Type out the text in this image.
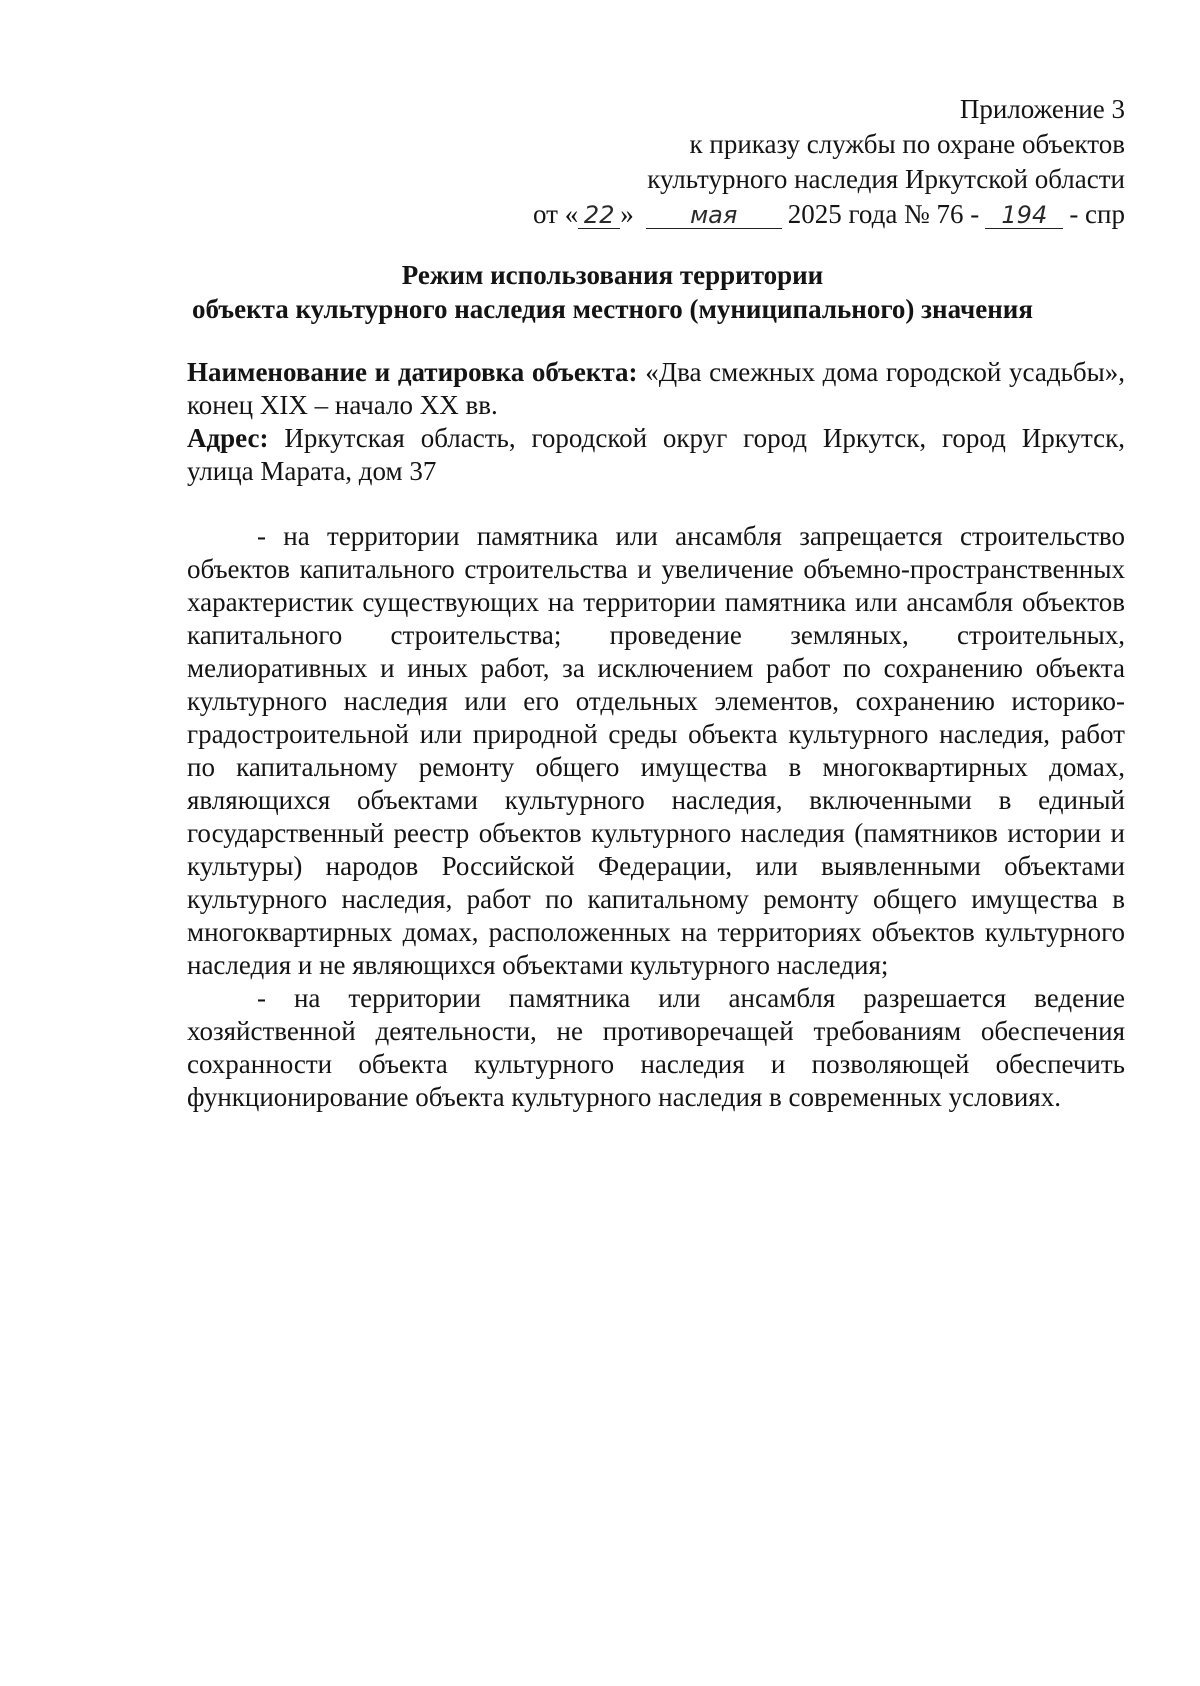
Приложение 3
к приказу службы по охране объектов
культурного наследия Иркутской области
от « 22 » мая 2025 года № 76 - 194 - спр
Режим использования территории
объекта культурного наследия местного (муниципального) значения

Наименование и датировка объекта: «Два смежных дома городской усадьбы», конец XIX – начало XX вв.

Адрес: Иркутская область, городской округ город Иркутск, город Иркутск, улица Марата, дом 37

- на территории памятника или ансамбля запрещается строительство объектов капитального строительства и увеличение объемно-пространственных характеристик существующих на территории памятника или ансамбля объектов капитального строительства; проведение земляных, строительных, мелиоративных и иных работ, за исключением работ по сохранению объекта культурного наследия или его отдельных элементов, сохранению историко-градостроительной или природной среды объекта культурного наследия, работ по капитальному ремонту общего имущества в многоквартирных домах, являющихся объектами культурного наследия, включенными в единый государственный реестр объектов культурного наследия (памятников истории и культуры) народов Российской Федерации, или выявленными объектами культурного наследия, работ по капитальному ремонту общего имущества в многоквартирных домах, расположенных на территориях объектов культурного наследия и не являющихся объектами культурного наследия;

- на территории памятника или ансамбля разрешается ведение хозяйственной деятельности, не противоречащей требованиям обеспечения сохранности объекта культурного наследия и позволяющей обеспечить функционирование объекта культурного наследия в современных условиях.
